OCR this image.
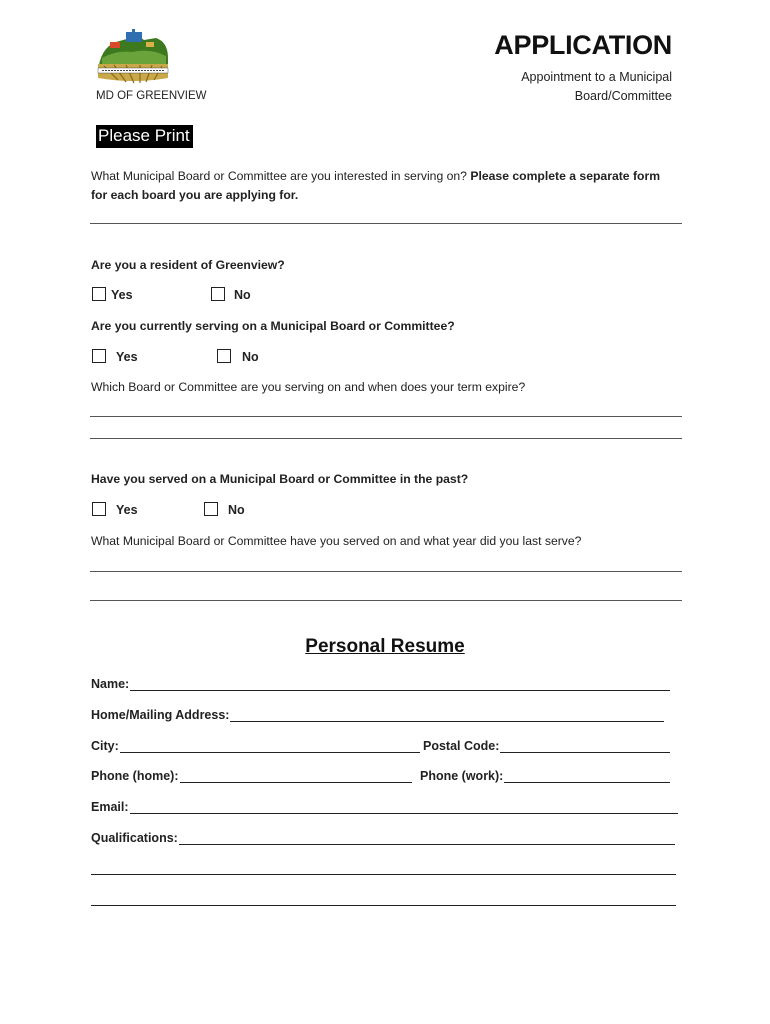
MD OF GREENVIEW
APPLICATION
Appointment to a Municipal
Board/Committee
Please Print
What Municipal Board or Committee are you interested in serving on? Please complete a separate form for each board you are applying for.
Are you a resident of Greenview?
Yes	No
Are you currently serving on a Municipal Board or Committee?
Yes	No
Which Board or Committee are you serving on and when does your term expire?
Have you served on a Municipal Board or Committee in the past?
Yes	No
What Municipal Board or Committee have you served on and what year did you last serve?
Personal Resume
Name:
Home/Mailing Address:
City:	Postal Code:
Phone (home):	Phone (work):
Email:
Qualifications:
